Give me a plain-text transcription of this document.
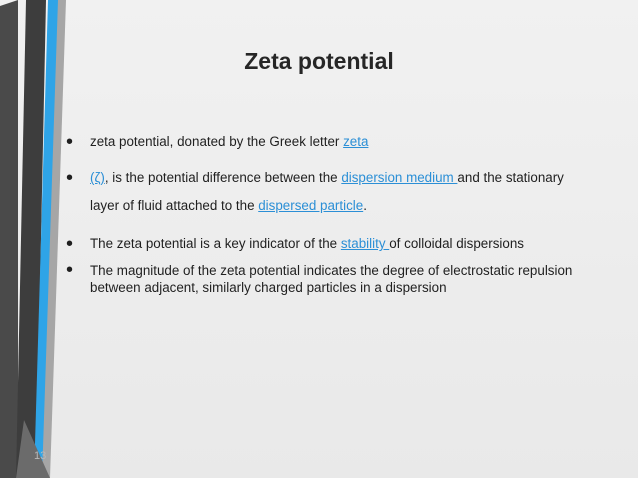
Zeta potential
• zeta potential, donated by the Greek letter zeta
• (ζ), is the potential difference between the dispersion medium and the stationary layer of fluid attached to the dispersed particle.
• The zeta potential is a key indicator of the stability of colloidal dispersions
• The magnitude of the zeta potential indicates the degree of electrostatic repulsion between adjacent, similarly charged particles in a dispersion
13
